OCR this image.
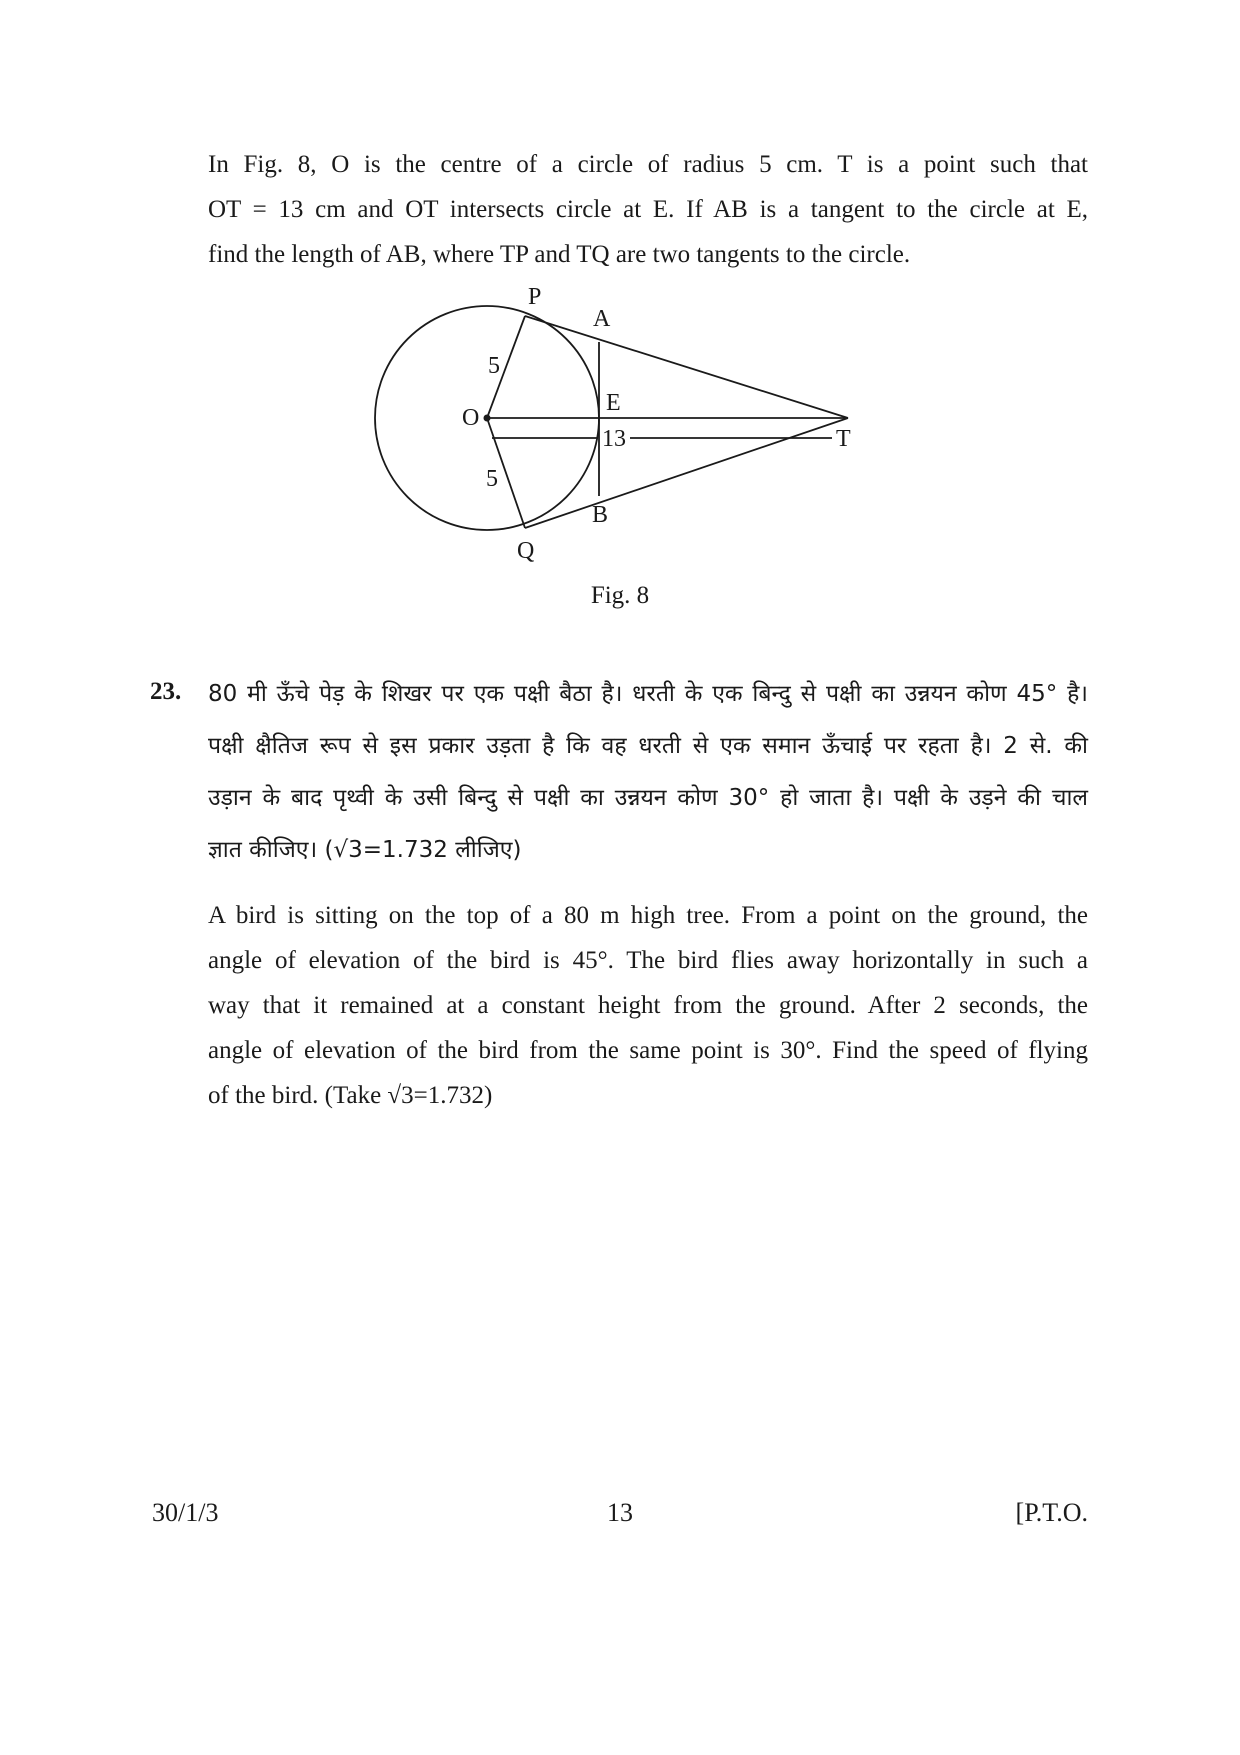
In Fig. 8, O is the centre of a circle of radius 5 cm. T is a point such that
OT = 13 cm and OT intersects circle at E. If AB is a tangent to the circle at E,
find the length of AB, where TP and TQ are two tangents to the circle.
P
A
E
O
T
B
Q
5
5
13

Fig. 8

23. 80 मी ऊँचे पेड़ के शिखर पर एक पक्षी बैठा है। धरती के एक बिन्दु से पक्षी का उन्नयन कोण 45° है।
पक्षी क्षैतिज रूप से इस प्रकार उड़ता है कि वह धरती से एक समान ऊँचाई पर रहता है। 2 से. की
उड़ान के बाद पृथ्वी के उसी बिन्दु से पक्षी का उन्नयन कोण 30° हो जाता है। पक्षी के उड़ने की चाल
ज्ञात कीजिए। (√3=1.732 लीजिए)
A bird is sitting on the top of a 80 m high tree. From a point on the ground, the
angle of elevation of the bird is 45°. The bird flies away horizontally in such a
way that it remained at a constant height from the ground. After 2 seconds, the
angle of elevation of the bird from the same point is 30°. Find the speed of flying
of the bird. (Take √3=1.732)

30/1/3	13	[P.T.O.
